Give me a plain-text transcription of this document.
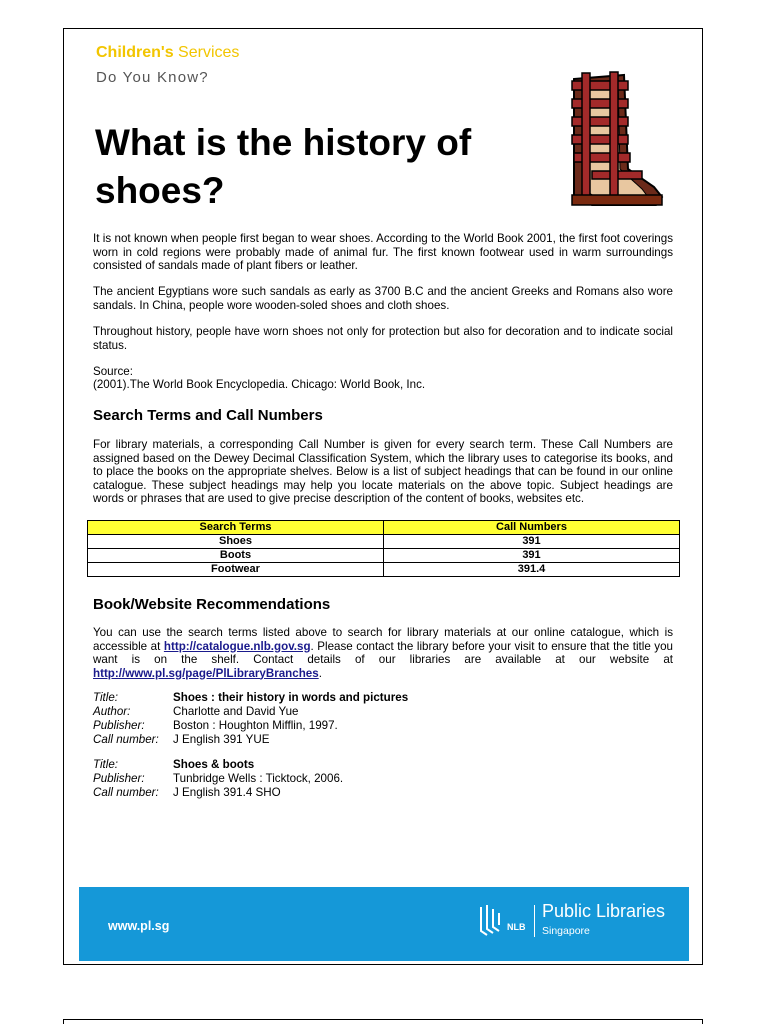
Children's Services
Do You Know?
What is the history of shoes?
It is not known when people first began to wear shoes. According to the World Book 2001, the first foot coverings worn in cold regions were probably made of animal fur. The first known footwear used in warm surroundings consisted of sandals made of plant fibers or leather.
The ancient Egyptians wore such sandals as early as 3700 B.C and the ancient Greeks and Romans also wore sandals. In China, people wore wooden-soled shoes and cloth shoes.
Throughout history, people have worn shoes not only for protection but also for decoration and to indicate social status.
Source:
(2001).The World Book Encyclopedia. Chicago: World Book, Inc.
Search Terms and Call Numbers
For library materials, a corresponding Call Number is given for every search term. These Call Numbers are assigned based on the Dewey Decimal Classification System, which the library uses to categorise its books, and to place the books on the appropriate shelves. Below is a list of subject headings that can be found in our online catalogue. These subject headings may help you locate materials on the above topic. Subject headings are words or phrases that are used to give precise description of the content of books, websites etc.
Search Terms	Call Numbers
Shoes	391
Boots	391
Footwear	391.4
Book/Website Recommendations
You can use the search terms listed above to search for library materials at our online catalogue, which is accessible at http://catalogue.nlb.gov.sg. Please contact the library before your visit to ensure that the title you want is on the shelf. Contact details of our libraries are available at our website at http://www.pl.sg/page/PlLibraryBranches.
Title:	Shoes : their history in words and pictures
Author:	Charlotte and David Yue
Publisher:	Boston : Houghton Mifflin, 1997.
Call number:	J English 391 YUE
Title:	Shoes & boots
Publisher:	Tunbridge Wells : Ticktock, 2006.
Call number:	J English 391.4 SHO
www.pl.sg	NLB
Public Libraries
Singapore
